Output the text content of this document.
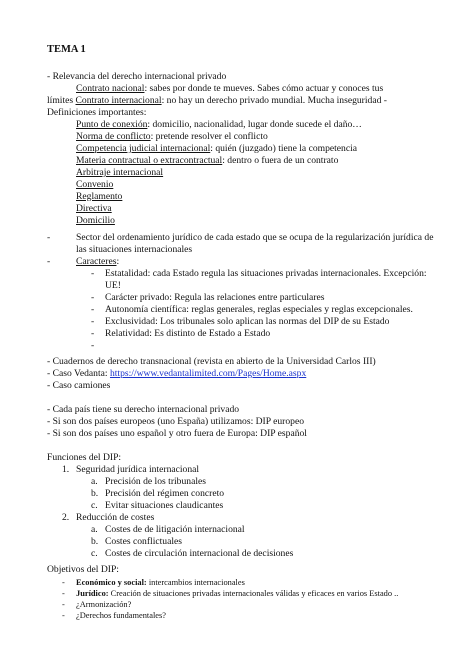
TEMA 1
- Relevancia del derecho internacional privado
Contrato nacional: sabes por donde te mueves. Sabes cómo actuar y conoces tus
límites Contrato internacional: no hay un derecho privado mundial. Mucha inseguridad -
Definiciones importantes:
Punto de conexión: domicilio, nacionalidad, lugar donde sucede el daño…
Norma de conflicto: pretende resolver el conflicto
Competencia judicial internacional: quién (juzgado) tiene la competencia
Materia contractual o extracontractual: dentro o fuera de un contrato
Arbitraje internacional
Convenio
Reglamento
Directiva
Domicilio
-	Sector del ordenamiento jurídico de cada estado que se ocupa de la regularización jurídica de
las situaciones internacionales
-	Caracteres:
- Estatalidad: cada Estado regula las situaciones privadas internacionales. Excepción:
UE!
- Carácter privado: Regula las relaciones entre particulares
- Autonomía científica: reglas generales, reglas especiales y reglas excepcionales.
- Exclusividad: Los tribunales solo aplican las normas del DIP de su Estado
- Relatividad: Es distinto de Estado a Estado
-
- Cuadernos de derecho transnacional (revista en abierto de la Universidad Carlos III)
- Caso Vedanta: https://www.vedantalimited.com/Pages/Home.aspx
- Caso camiones
- Cada país tiene su derecho internacional privado
- Si son dos países europeos (uno España) utilizamos: DIP europeo
- Si son dos países uno español y otro fuera de Europa: DIP español
Funciones del DIP:
1. Seguridad jurídica internacional
a. Precisión de los tribunales
b. Precisión del régimen concreto
c. Evitar situaciones claudicantes
2. Reducción de costes
a. Costes de de litigación internacional
b. Costes conflictuales
c. Costes de circulación internacional de decisiones
Objetivos del DIP:
- Económico y social: intercambios internacionales
- Jurídico: Creación de situaciones privadas internacionales válidas y eficaces en varios Estado ..
- ¿Armonización?
- ¿Derechos fundamentales?
